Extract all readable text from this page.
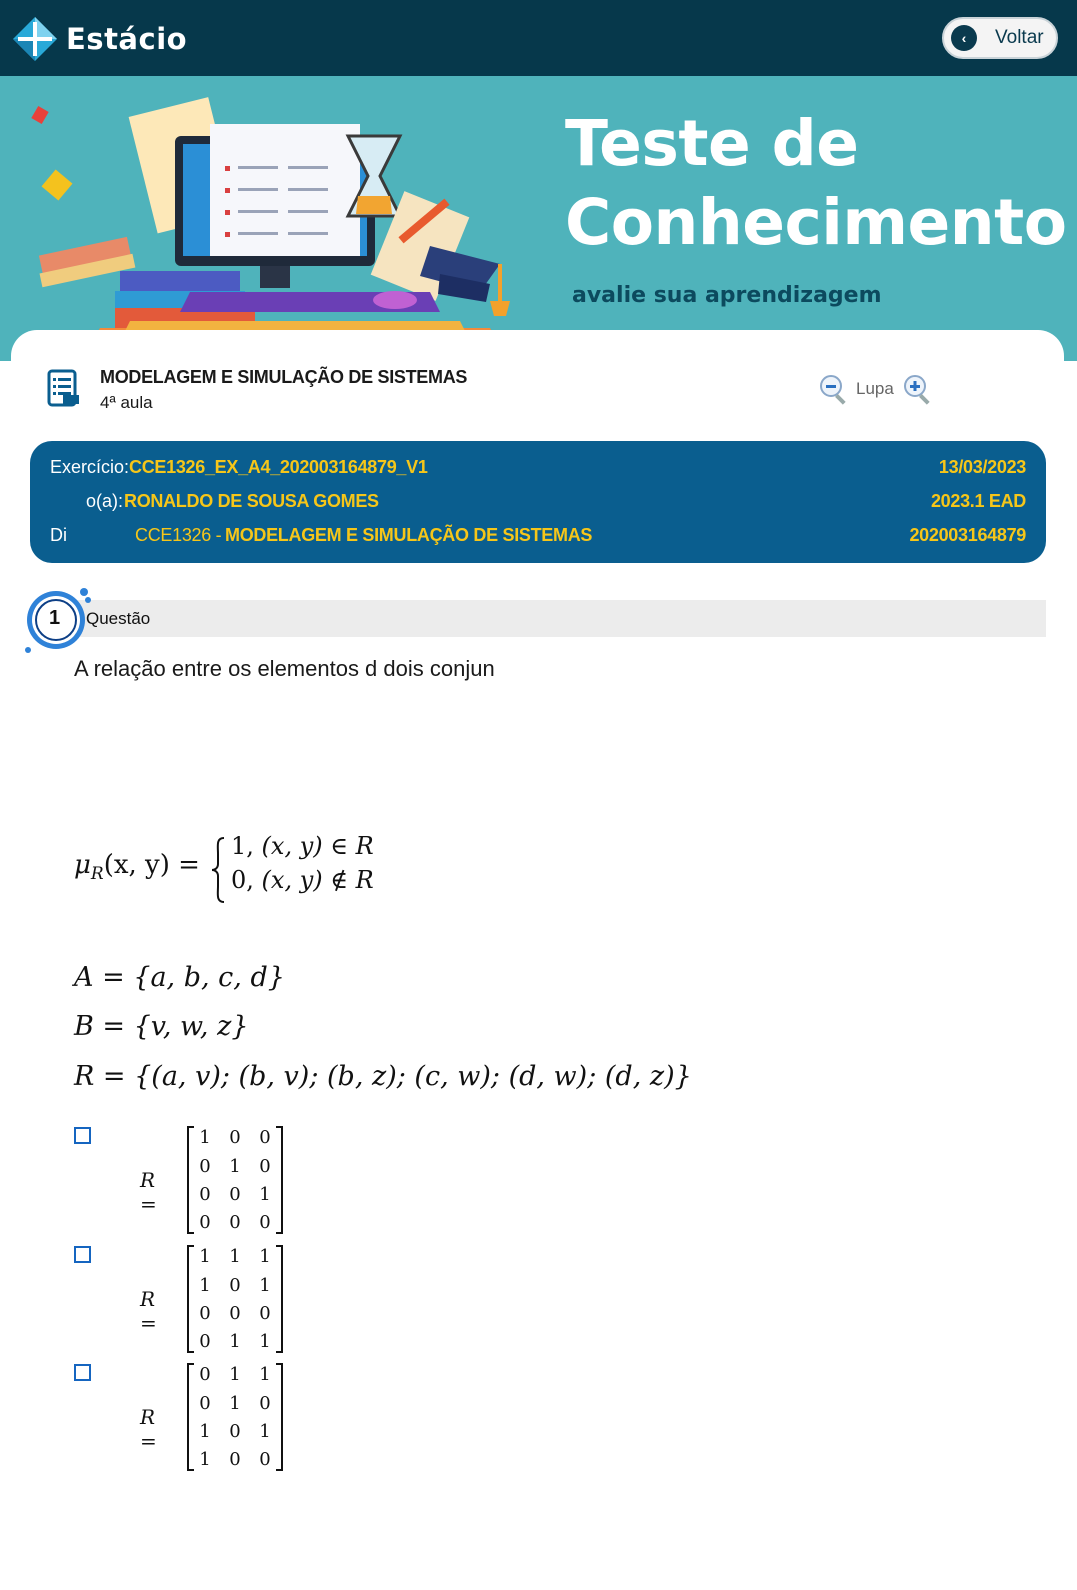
Estácio	‹	Voltar
Teste de
Conhecimento
avalie sua aprendizagem
MODELAGEM E SIMULAÇÃO DE SISTEMAS
4ª aula
Lupa
Exercício: CCE1326_EX_A4_202003164879_V1	13/03/2023
o(a): RONALDO DE SOUSA GOMES	2023.1 EAD
Di	CCE1326 - MODELAGEM E SIMULAÇÃO DE SISTEMAS	202003164879
1 Questão
A relação entre os elementos d dois conjun
$\mu_R(x$, y) =
1, (x, y) ∈ R
0, (x, y) ∉ R
A = {a, b, c, d}
B = {v, w, z}
R = {(a, v); (b, v); (b, z); (c, w); (d, w); (d, z)}
R =
1 0 0
0 1 0
0 0 1
0 0 0
R =
1 1 1
1 0 1
0 0 0
0 1 1
R =
0 1 1
0 1 0
1 0 1
1 0 0
